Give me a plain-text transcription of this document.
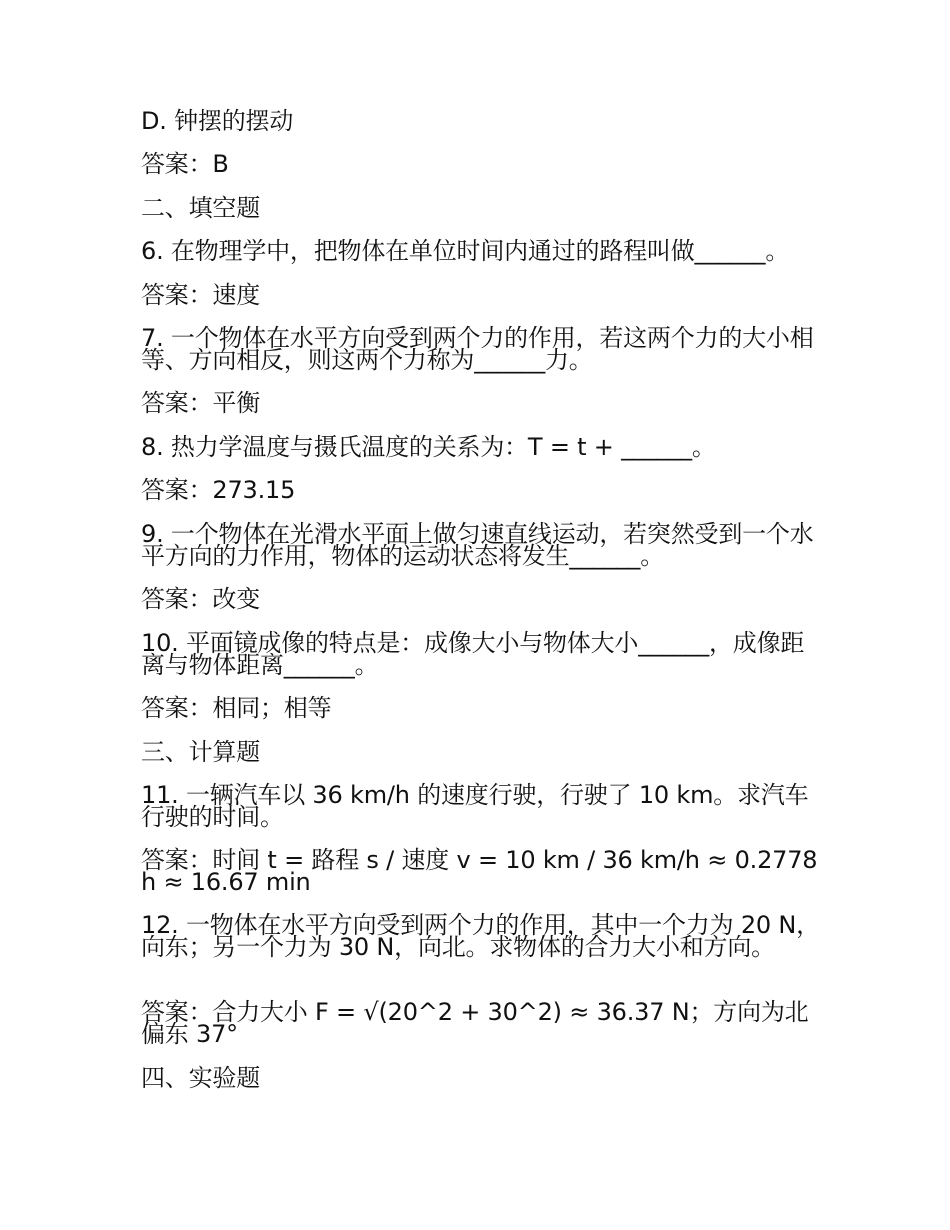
D. 钟摆的摆动
答案：B
二、填空题
6. 在物理学中，把物体在单位时间内通过的路程叫做______。
答案：速度
7. 一个物体在水平方向受到两个力的作用，若这两个力的大小相等、方向相反，则这两个力称为______力。
答案：平衡
8. 热力学温度与摄氏温度的关系为：T = t + ______。
答案：273.15
9. 一个物体在光滑水平面上做匀速直线运动，若突然受到一个水平方向的力作用，物体的运动状态将发生______。
答案：改变
10. 平面镜成像的特点是：成像大小与物体大小______，成像距离与物体距离______。
答案：相同；相等
三、计算题
11. 一辆汽车以 36 km/h 的速度行驶，行驶了 10 km。求汽车行驶的时间。
答案：时间 t = 路程 s / 速度 v = 10 km / 36 km/h ≈ 0.2778 h ≈ 16.67 min
12. 一物体在水平方向受到两个力的作用，其中一个力为 20 N，向东；另一个力为 30 N，向北。求物体的合力大小和方向。
答案：合力大小 F = √(20^2 + 30^2) ≈ 36.37 N；方向为北偏东 37°
四、实验题
